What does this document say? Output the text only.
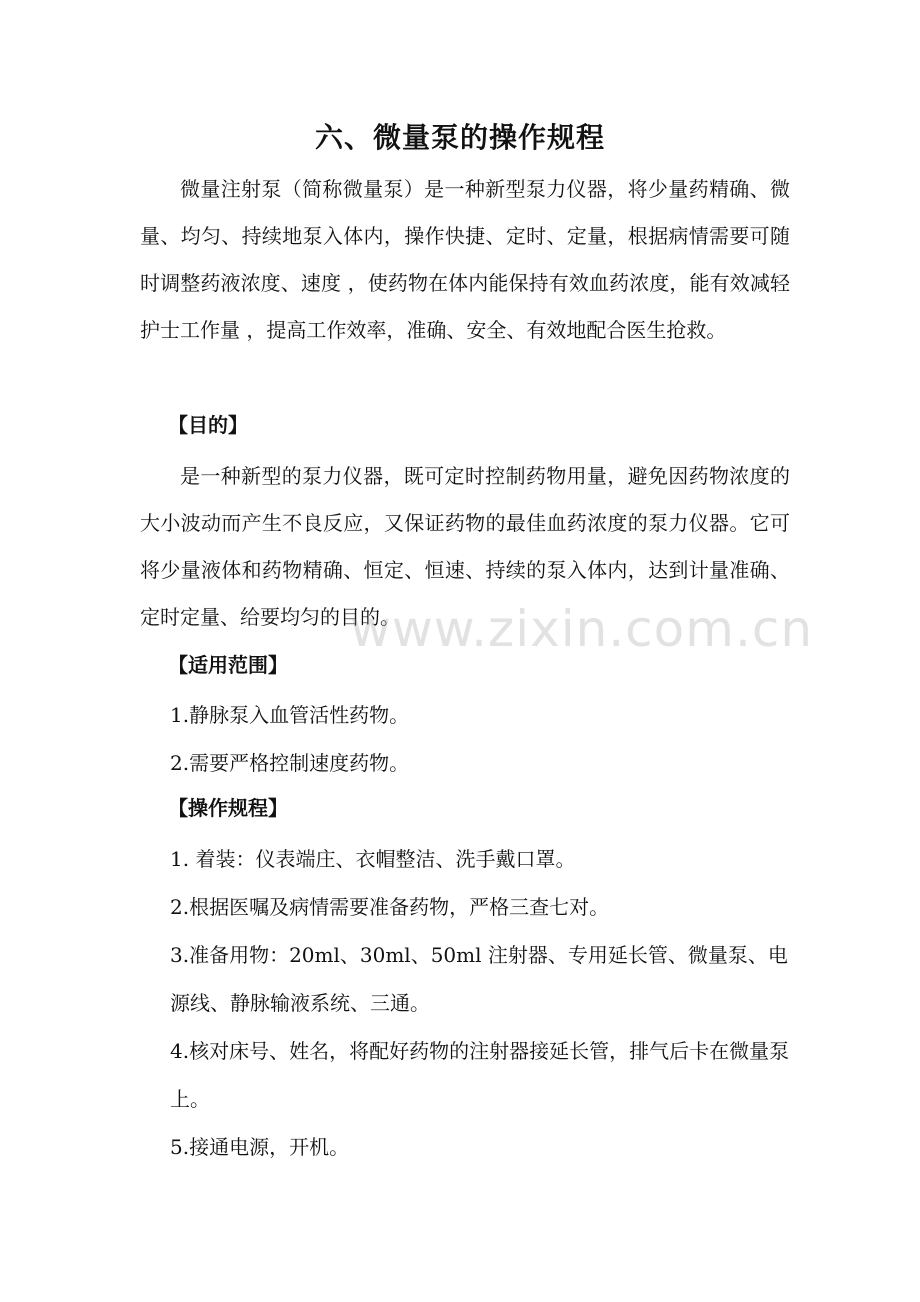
六、微量泵的操作规程

微量注射泵（简称微量泵）是一种新型泵力仪器，将少量药精确、微量、均匀、持续地泵入体内，操作快捷、定时、定量，根据病情需要可随时调整药液浓度、速度 ，使药物在体内能保持有效血药浓度，能有效减轻护士工作量 ，提高工作效率，准确、安全、有效地配合医生抢救。

【目的】

是一种新型的泵力仪器，既可定时控制药物用量，避免因药物浓度的大小波动而产生不良反应，又保证药物的最佳血药浓度的泵力仪器。它可将少量液体和药物精确、恒定、恒速、持续的泵入体内，达到计量准确、定时定量、给要均匀的目的。

【适用范围】

1.静脉泵入血管活性药物。

2.需要严格控制速度药物。

【操作规程】

1. 着装：仪表端庄、衣帽整洁、洗手戴口罩。

2.根据医嘱及病情需要准备药物，严格三查七对。

3.准备用物：20ml、30ml、50ml 注射器、专用延长管、微量泵、电源线、静脉输液系统、三通。

4.核对床号、姓名，将配好药物的注射器接延长管，排气后卡在微量泵上。

5.接通电源，开机。

www.zixin.com.cn
